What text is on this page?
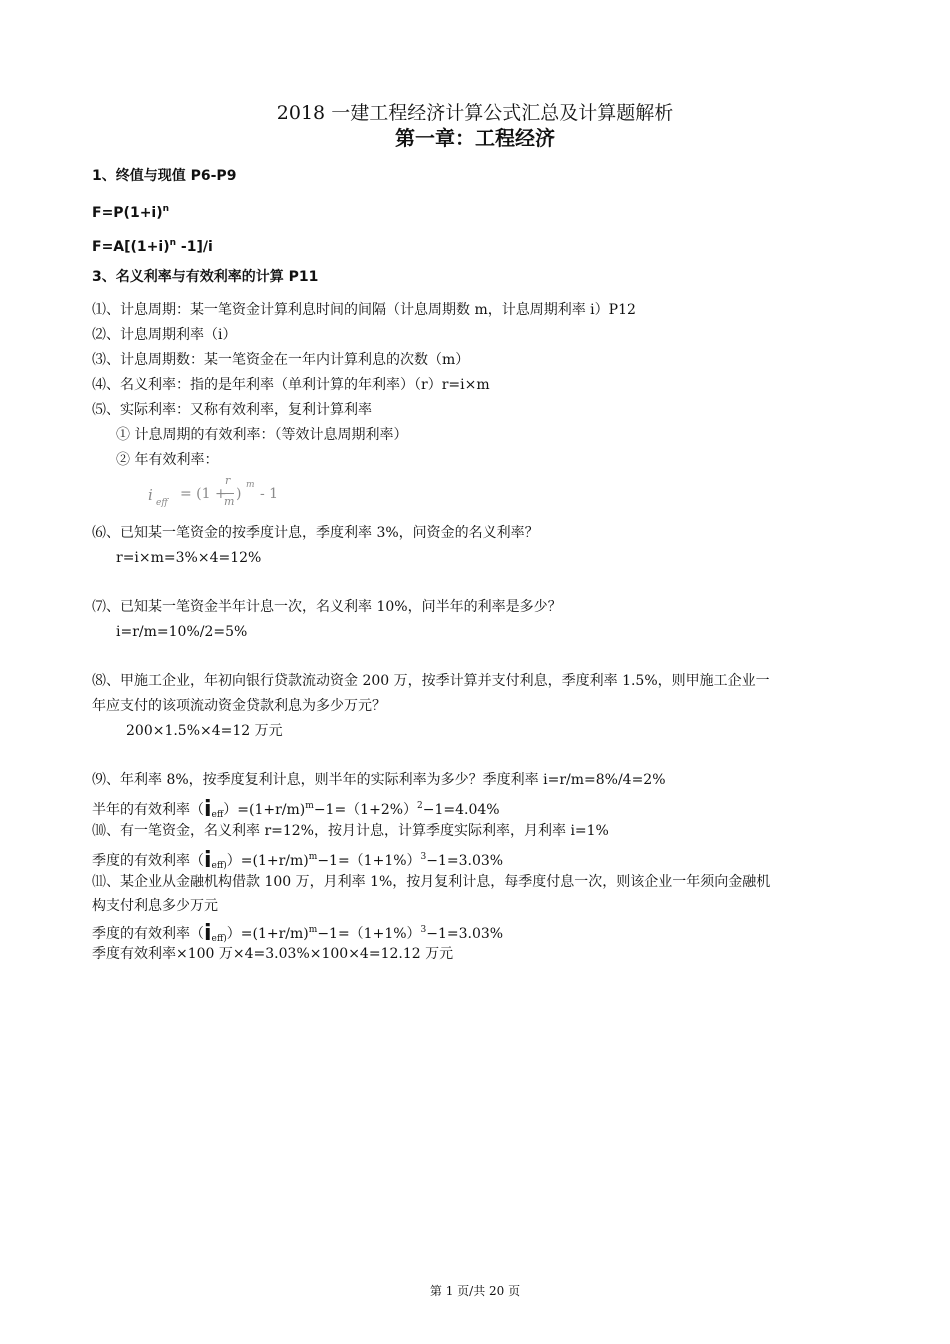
2018 一建工程经济计算公式汇总及计算题解析
第一章：工程经济
1、终值与现值 P6-P9
$F=P(1+i)^n$
$F=A[(1+i)^n$ -1]/i
3、名义利率与有效利率的计算 P11
⑴、计息周期：某一笔资金计算利息时间的间隔（计息周期数 m，计息周期利率 i）P12
⑵、计息周期利率（i）
⑶、计息周期数：某一笔资金在一年内计算利息的次数（m）
⑷、名义利率：指的是年利率（单利计算的年利率）（r）r=i×m
⑸、实际利率：又称有效利率，复利计算利率
① 计息周期的有效利率：（等效计息周期利率）
② 年有效利率：
i eff
= (1 +
r
m )
m
- 1
⑹、已知某一笔资金的按季度计息，季度利率 3%，问资金的名义利率？
r=i×m=3%×4=12%
⑺、已知某一笔资金半年计息一次，名义利率 10%，问半年的利率是多少？
i=r/m=10%/2=5%
⑻、甲施工企业，年初向银行贷款流动资金 200 万，按季计算并支付利息，季度利率 1.5%，则甲施工企业一
年应支付的该项流动资金贷款利息为多少万元？
200×1.5%×4=12 万元
⑼、年利率 8%，按季度复利计息，则半年的实际利率为多少？季度利率 i=r/m=8%/4=2%
半年的有效利率$(i_{eff})=(1+r/m)^m-1=(1+2\%)^2-1=4.04\%$
⑽、有一笔资金，名义利率 r=12%，按月计息，计算季度实际利率，月利率 i=1%
季度的有效利率$(i_{eff)})=(1+r/m)^m-1=(1+1\%)^3-1=3.03\%$
⑾、某企业从金融机构借款 100 万，月利率 1%，按月复利计息，每季度付息一次，则该企业一年须向金融机
构支付利息多少万元
季度的有效利率$(i_{eff)})=(1+r/m)^m-1=(1+1\%)^3-1=3.03\%$
季度有效利率×100 万×4=3.03%×100×4=12.12 万元
第 1 页/共 20 页
